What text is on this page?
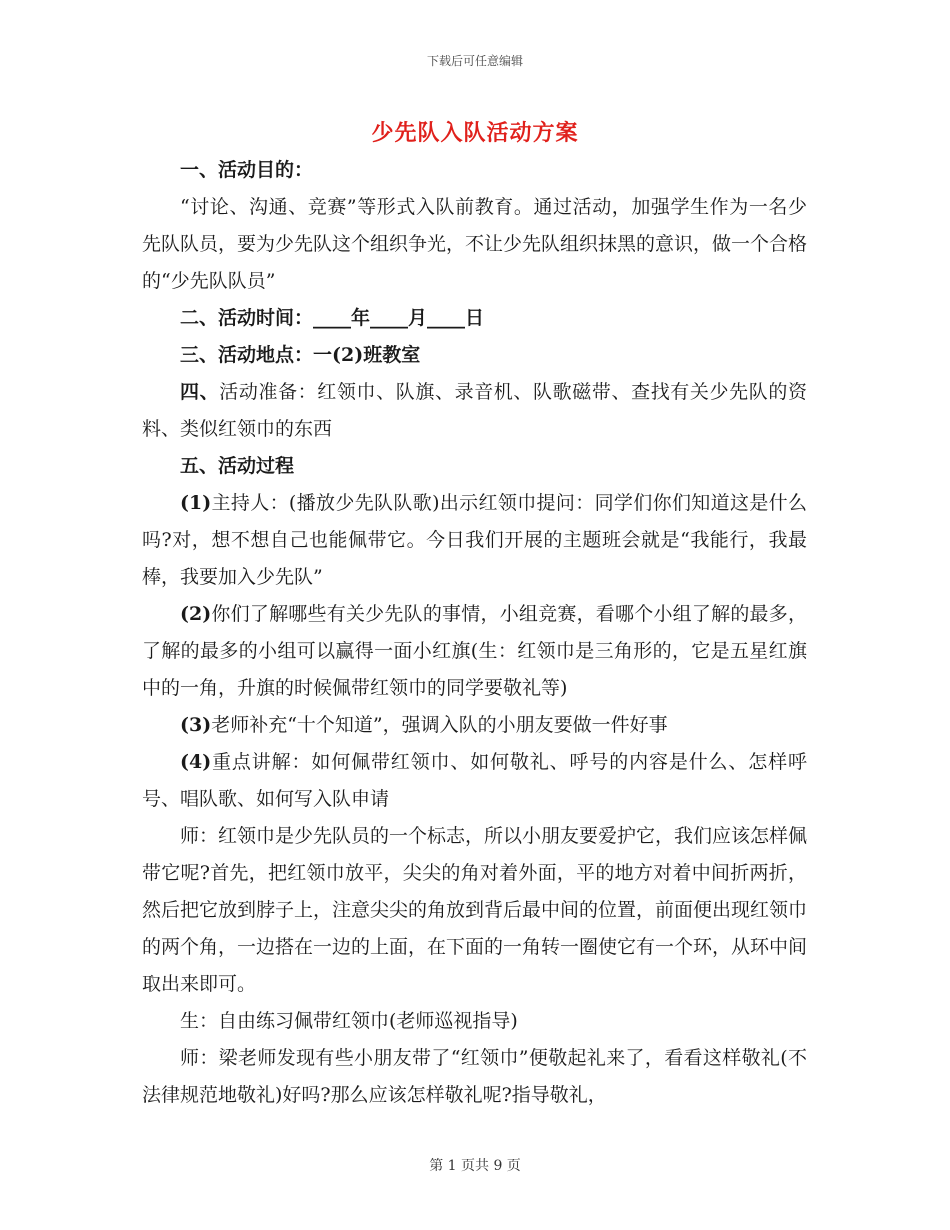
下载后可任意编辑
少先队入队活动方案
一、活动目的：
“讨论、沟通、竞赛”等形式入队前教育。通过活动，加强学生作为一名少先队队员，要为少先队这个组织争光，不让少先队组织抹黑的意识，做一个合格的“少先队队员”
二、活动时间：____年____月____日
三、活动地点：一(2)班教室
四、活动准备：红领巾、队旗、录音机、队歌磁带、查找有关少先队的资料、类似红领巾的东西
五、活动过程
(1)主持人：(播放少先队队歌)出示红领巾提问：同学们你们知道这是什么吗?对，想不想自己也能佩带它。今日我们开展的主题班会就是“我能行，我最棒，我要加入少先队”
(2)你们了解哪些有关少先队的事情，小组竞赛，看哪个小组了解的最多，了解的最多的小组可以赢得一面小红旗(生：红领巾是三角形的，它是五星红旗中的一角，升旗的时候佩带红领巾的同学要敬礼等)
(3)老师补充“十个知道”，强调入队的小朋友要做一件好事
(4)重点讲解：如何佩带红领巾、如何敬礼、呼号的内容是什么、怎样呼号、唱队歌、如何写入队申请
师：红领巾是少先队员的一个标志，所以小朋友要爱护它，我们应该怎样佩带它呢?首先，把红领巾放平，尖尖的角对着外面，平的地方对着中间折两折，然后把它放到脖子上，注意尖尖的角放到背后最中间的位置，前面便出现红领巾的两个角，一边搭在一边的上面，在下面的一角转一圈使它有一个环，从环中间取出来即可。
生：自由练习佩带红领巾(老师巡视指导)
师：梁老师发现有些小朋友带了“红领巾”便敬起礼来了，看看这样敬礼(不法律规范地敬礼)好吗?那么应该怎样敬礼呢?指导敬礼，
第 1 页共 9 页
